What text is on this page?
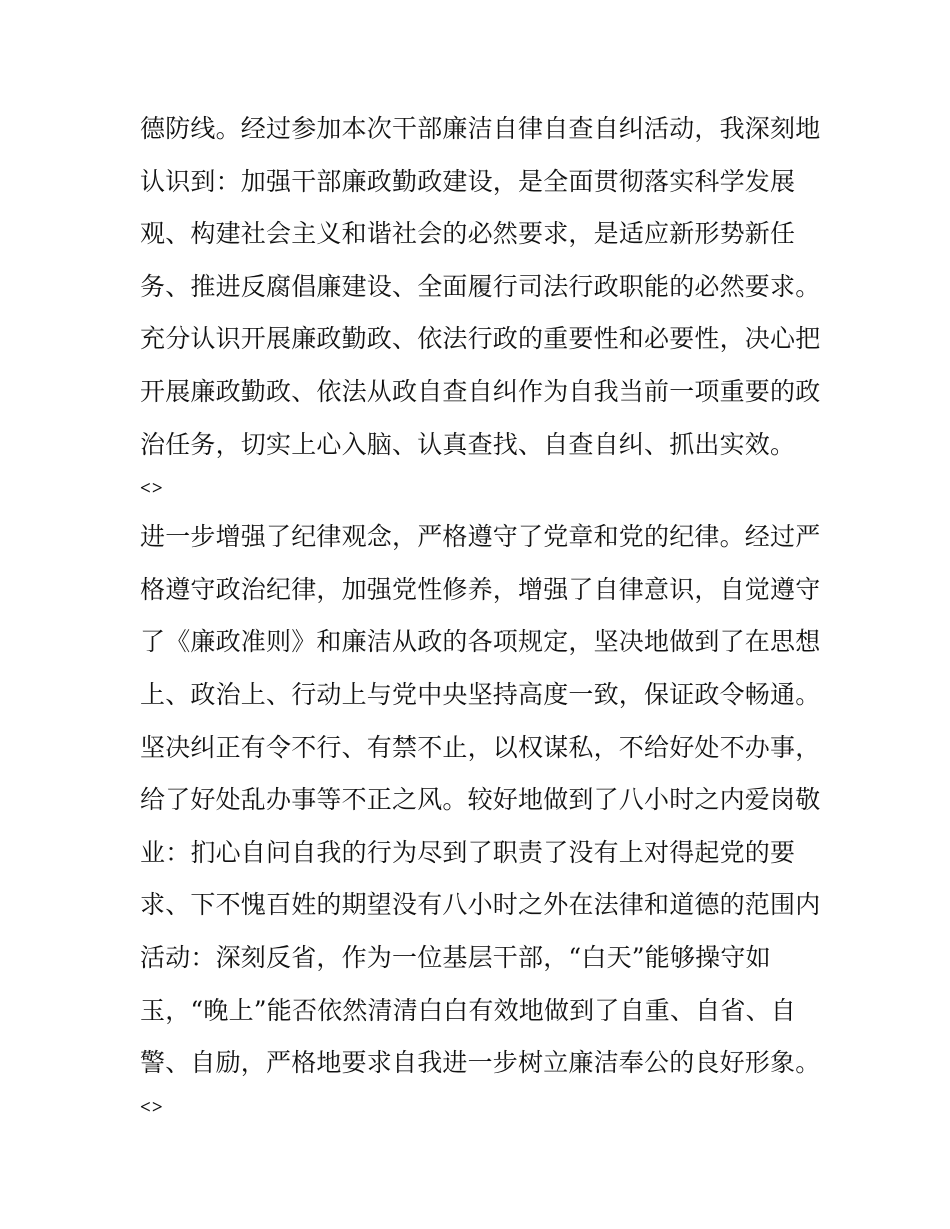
德防线。经过参加本次干部廉洁自律自查自纠活动，我深刻地
认识到：加强干部廉政勤政建设，是全面贯彻落实科学发展
观、构建社会主义和谐社会的必然要求，是适应新形势新任
务、推进反腐倡廉建设、全面履行司法行政职能的必然要求。
充分认识开展廉政勤政、依法行政的重要性和必要性，决心把
开展廉政勤政、依法从政自查自纠作为自我当前一项重要的政
治任务，切实上心入脑、认真查找、自查自纠、抓出实效。
<>
进一步增强了纪律观念，严格遵守了党章和党的纪律。经过严
格遵守政治纪律，加强党性修养，增强了自律意识，自觉遵守
了《廉政准则》和廉洁从政的各项规定，坚决地做到了在思想
上、政治上、行动上与党中央坚持高度一致，保证政令畅通。
坚决纠正有令不行、有禁不止，以权谋私，不给好处不办事，
给了好处乱办事等不正之风。较好地做到了八小时之内爱岗敬
业：扪心自问自我的行为尽到了职责了没有上对得起党的要
求、下不愧百姓的期望没有八小时之外在法律和道德的范围内
活动：深刻反省，作为一位基层干部，“白天”能够操守如
玉，“晚上”能否依然清清白白有效地做到了自重、自省、自
警、自励，严格地要求自我进一步树立廉洁奉公的良好形象。
<>
